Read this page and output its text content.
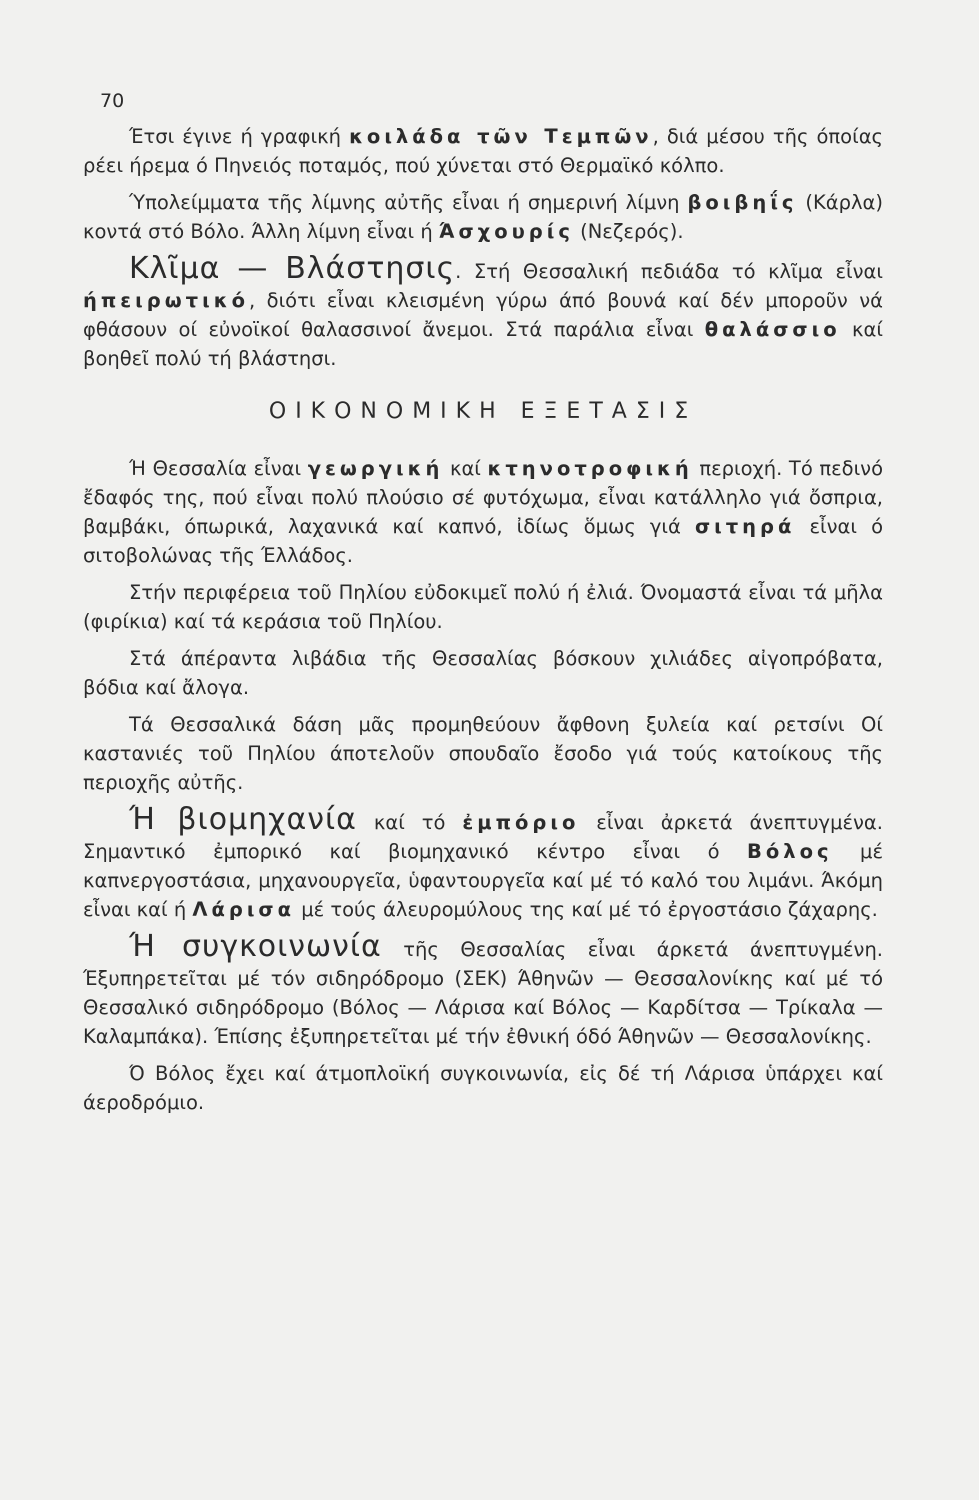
70

Έτσι έγινε ή γραφική κοιλάδα τῶν Τεμπῶν, διά μέσου τῆς όποίας ρέει ήρεμα ό Πηνειός ποταμός, πού χύνεται στό Θερμαϊκό κόλπο.

Ύπολείμματα τῆς λίμνης αὐτῆς εἶναι ή σημερινή λίμνη βοιβηΐς (Κάρλα) κοντά στό Βόλο. Άλλη λίμνη εἶναι ή Άσχουρίς (Νεζερός).

Κλῖμα — Βλάστησις. Στή Θεσσαλική πεδιάδα τό κλῖμα εἶναι ήπειρωτικό, διότι εἶναι κλεισμένη γύρω άπό βουνά καί δέν μποροῦν νά φθάσουν οί εὐνοϊκοί θαλασσινοί ἄνεμοι. Στά παράλια εἶναι θαλάσσιο καί βοηθεῖ πολύ τή βλάστησι.

ΟΙΚΟΝΟΜΙΚΗ ΕΞΕΤΑΣΙΣ

Ή Θεσσαλία εἶναι γεωργική καί κτηνοτροφική περιοχή. Τό πεδινό ἔδαφός της, πού εἶναι πολύ πλούσιο σέ φυτόχωμα, εἶναι κατάλληλο γιά ὄσπρια, βαμβάκι, όπωρικά, λαχανικά καί καπνό, ἰδίως ὅμως γιά σιτηρά εἶναι ό σιτοβολώνας τῆς Έλλάδος.

Στήν περιφέρεια τοῦ Πηλίου εὐδοκιμεῖ πολύ ή ἐλιά. Όνομαστά εἶναι τά μῆλα (φιρίκια) καί τά κεράσια τοῦ Πηλίου.

Στά άπέραντα λιβάδια τῆς Θεσσαλίας βόσκουν χιλιάδες αἰγοπρόβατα, βόδια καί ἄλογα.

Τά Θεσσαλικά δάση μᾶς προμηθεύουν ἄφθονη ξυλεία καί ρετσίνι Οί καστανιές τοῦ Πηλίου άποτελοῦν σπουδαῖο ἔσοδο γιά τούς κατοίκους τῆς περιοχῆς αὐτῆς.

Ή βιομηχανία καί τό ἐμπόριο εἶναι ἀρκετά άνεπτυγμένα. Σημαντικό ἐμπορικό καί βιομηχανικό κέντρο εἶναι ό Βόλος μέ καπνεργοστάσια, μηχανουργεῖα, ὑφαντουργεῖα καί μέ τό καλό του λιμάνι. Άκόμη εἶναι καί ή Λάρισα μέ τούς άλευρομύλους της καί μέ τό ἐργοστάσιο ζάχαρης.

Ή συγκοινωνία τῆς Θεσσαλίας εἶναι άρκετά άνεπτυγμένη. Έξυπηρετεῖται μέ τόν σιδηρόδρομο (ΣΕΚ) Άθηνῶν — Θεσσαλονίκης καί μέ τό Θεσσαλικό σιδηρόδρομο (Βόλος — Λάρισα καί Βόλος — Καρδίτσα — Τρίκαλα — Καλαμπάκα). Έπίσης ἐξυπηρετεῖται μέ τήν ἐθνική όδό Άθηνῶν — Θεσσαλονίκης.

Ό Βόλος ἔχει καί άτμοπλοϊκή συγκοινωνία, εἰς δέ τή Λάρισα ὑπάρχει καί άεροδρόμιο.
